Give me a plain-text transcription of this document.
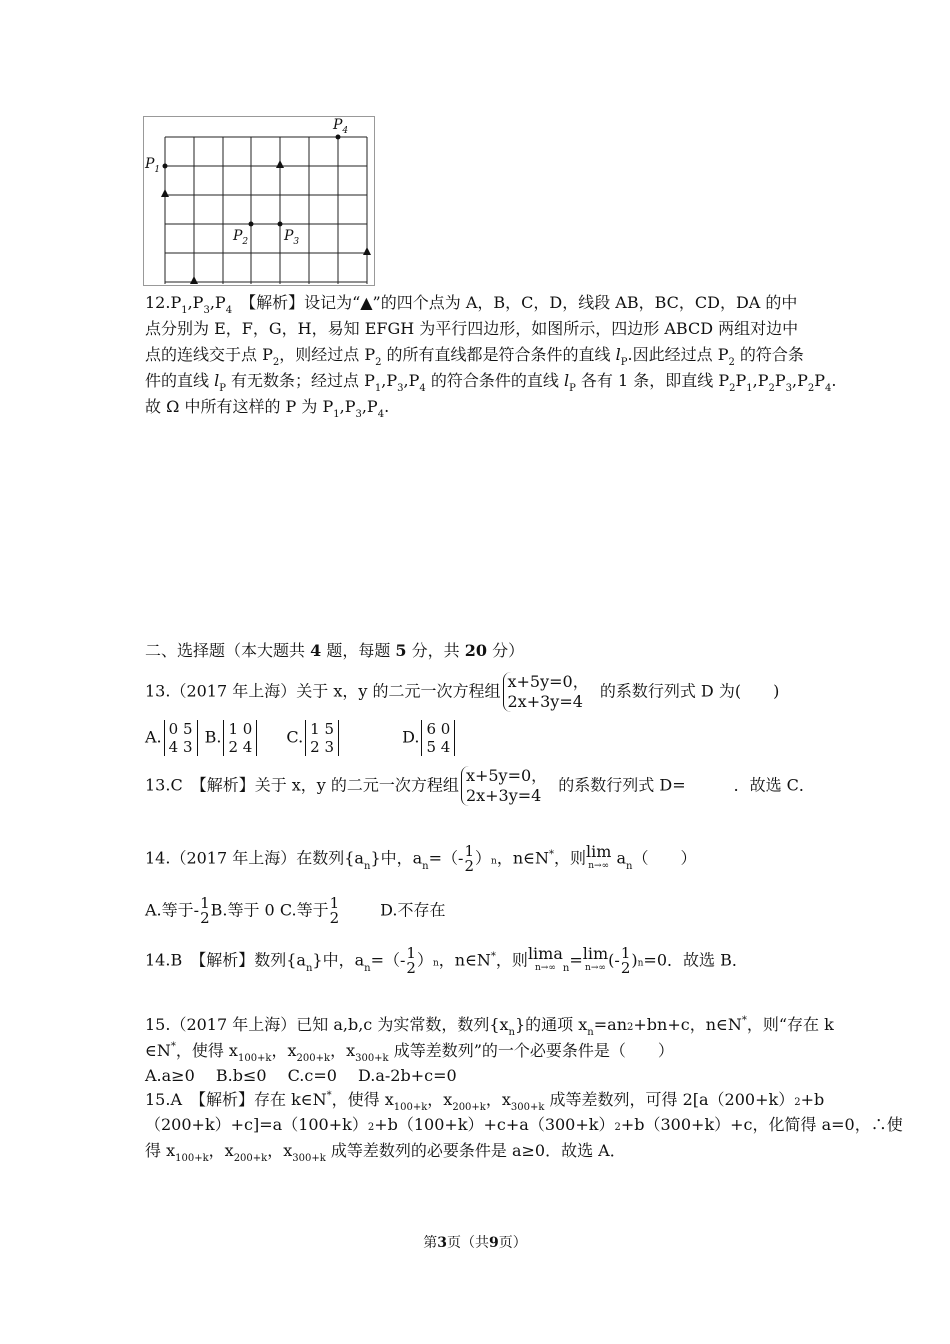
$P_1$
$P_2$	$P_3$
$P_4$
$12.P_1,P_3,P_4$　【解析】设记为“▲”的四个点为 A，B，C，D，线段 AB，BC，CD，DA 的中
点分别为 E，F，G，H，易知 EFGH 为平行四边形，如图所示，四边形 ABCD 两组对边中
点的连线交于点 $P_2$，则经过点 $P_2$ 的所有直线都是符合条件的直线 $l_P$.因此经过点 $P_2$ 的符合条
件的直线 $l_P$ 有无数条；经过点 $P_1,P_3,P_4$ 的符合条件的直线 $l_P$ 各有 1 条，即直线 $P_2P_1,P_2P_3,P_2P_4$.
故 Ω 中所有这样的 P 为 $P_1,P_3,P_4$.
二、选择题（本大题共 4 题，每题 5 分，共 20 分）
13.（2017 年上海）关于 x，y 的二元一次方程组 x+5y=0，
2x+3y=4
的系数行列式 D 为(　　)
A. 0 5
4 3
B. 1 0
2 4
C. 1 5
2 3
D. 6 0
5 4
13.C　【解析】关于 x，y 的二元一次方程组 x+5y=0，
2x+3y=4
的系数行列式 D=　　　．故选 C．
14.（2017 年上海）在数列$\{a_n\}$中，$a_n=(-$ 1
2 ）n，n∈N*，则 lim
n→∞ $a_n$（　　）
A.等于- 1
2 B.等于 0 C.等于 1
2	D.不存在
14.B　【解析】数列$\{a_n\}$中，$a_n=(-$ 1
2 ）n，n∈N*，则 lima
n→∞ $_n$= lim
n→∞ (- 1
2 )n=0．故选 B．
15.（2017 年上海）已知 a,b,c 为实常数，数列$\{x_n\}$的通项 $x_n=an2+bn+c$，n∈N*，则“存在 k
∈N*，使得 $x_{100+k}$，$x_{200+k}$，$x_{300+k}$ 成等差数列”的一个必要条件是（　　）
A.a≥0　 B.b≤0　 C.c=0　 D.a-2b+c=0
15.A　【解析】存在 k∈N*，使得 $x_{100+k}$，$x_{200+k}$，$x_{300+k}$ 成等差数列，可得 2[a（200+k）2+b
（200+k）+c]=a（100+k）2+b（100+k）+c+a（300+k）2+b（300+k）+c，化简得 a=0，∴使
得 $x_{100+k}$，$x_{200+k}$，$x_{300+k}$ 成等差数列的必要条件是 a≥0．故选 A．
第3页（共9页）
